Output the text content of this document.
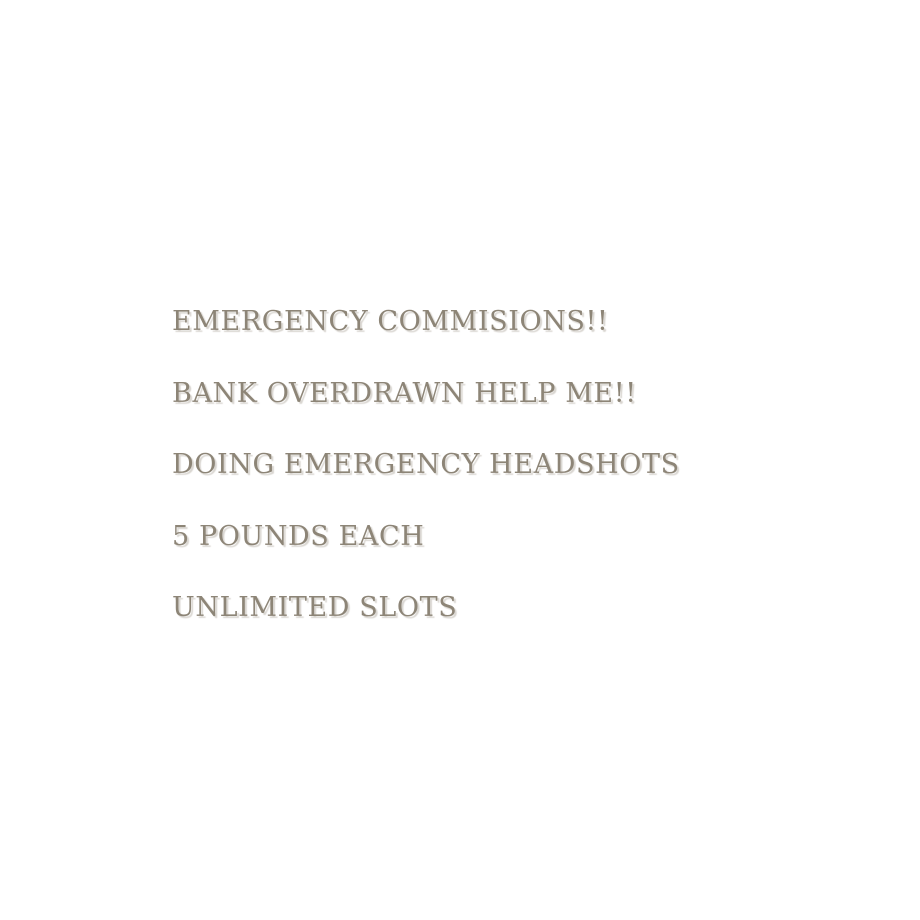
EMERGENCY COMMISIONS!!
BANK OVERDRAWN HELP ME!!
DOING EMERGENCY HEADSHOTS
5 POUNDS EACH
UNLIMITED SLOTS
